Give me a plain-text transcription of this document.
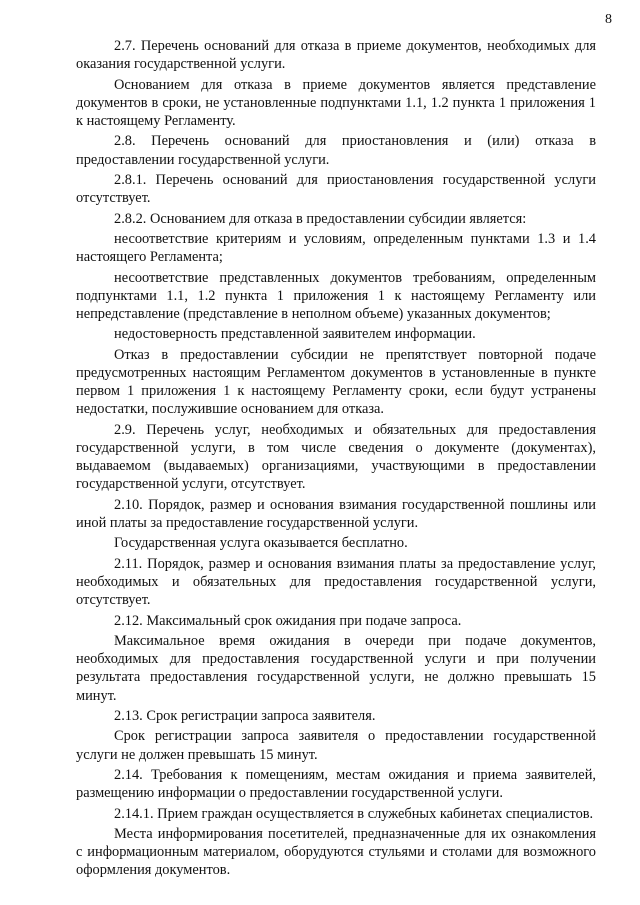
8

2.7. Перечень оснований для отказа в приеме документов, необходимых для оказания государственной услуги.

Основанием для отказа в приеме документов является представление документов в сроки, не установленные подпунктами 1.1, 1.2 пункта 1 приложения 1 к настоящему Регламенту.

2.8. Перечень оснований для приостановления и (или) отказа в предоставлении государственной услуги.

2.8.1. Перечень оснований для приостановления государственной услуги отсутствует.

2.8.2. Основанием для отказа в предоставлении субсидии является:

несоответствие критериям и условиям, определенным пунктами 1.3 и 1.4 настоящего Регламента;

несоответствие представленных документов требованиям, определенным подпунктами 1.1, 1.2 пункта 1 приложения 1 к настоящему Регламенту или непредставление (представление в неполном объеме) указанных документов;

недостоверность представленной заявителем информации.

Отказ в предоставлении субсидии не препятствует повторной подаче предусмотренных настоящим Регламентом документов в установленные в пункте первом 1 приложения 1 к настоящему Регламенту сроки, если будут устранены недостатки, послужившие основанием для отказа.

2.9. Перечень услуг, необходимых и обязательных для предоставления государственной услуги, в том числе сведения о документе (документах), выдаваемом (выдаваемых) организациями, участвующими в предоставлении государственной услуги, отсутствует.

2.10. Порядок, размер и основания взимания государственной пошлины или иной платы за предоставление государственной услуги.

Государственная услуга оказывается бесплатно.

2.11. Порядок, размер и основания взимания платы за предоставление услуг, необходимых и обязательных для предоставления государственной услуги, отсутствует.

2.12. Максимальный срок ожидания при подаче запроса.

Максимальное время ожидания в очереди при подаче документов, необходимых для предоставления государственной услуги и при получении результата предоставления государственной услуги, не должно превышать 15 минут.

2.13. Срок регистрации запроса заявителя.

Срок регистрации запроса заявителя о предоставлении государственной услуги не должен превышать 15 минут.

2.14. Требования к помещениям, местам ожидания и приема заявителей, размещению информации о предоставлении государственной услуги.

2.14.1. Прием граждан осуществляется в служебных кабинетах специалистов.

Места информирования посетителей, предназначенные для их ознакомления с информационным материалом, оборудуются стульями и столами для возможного оформления документов.
